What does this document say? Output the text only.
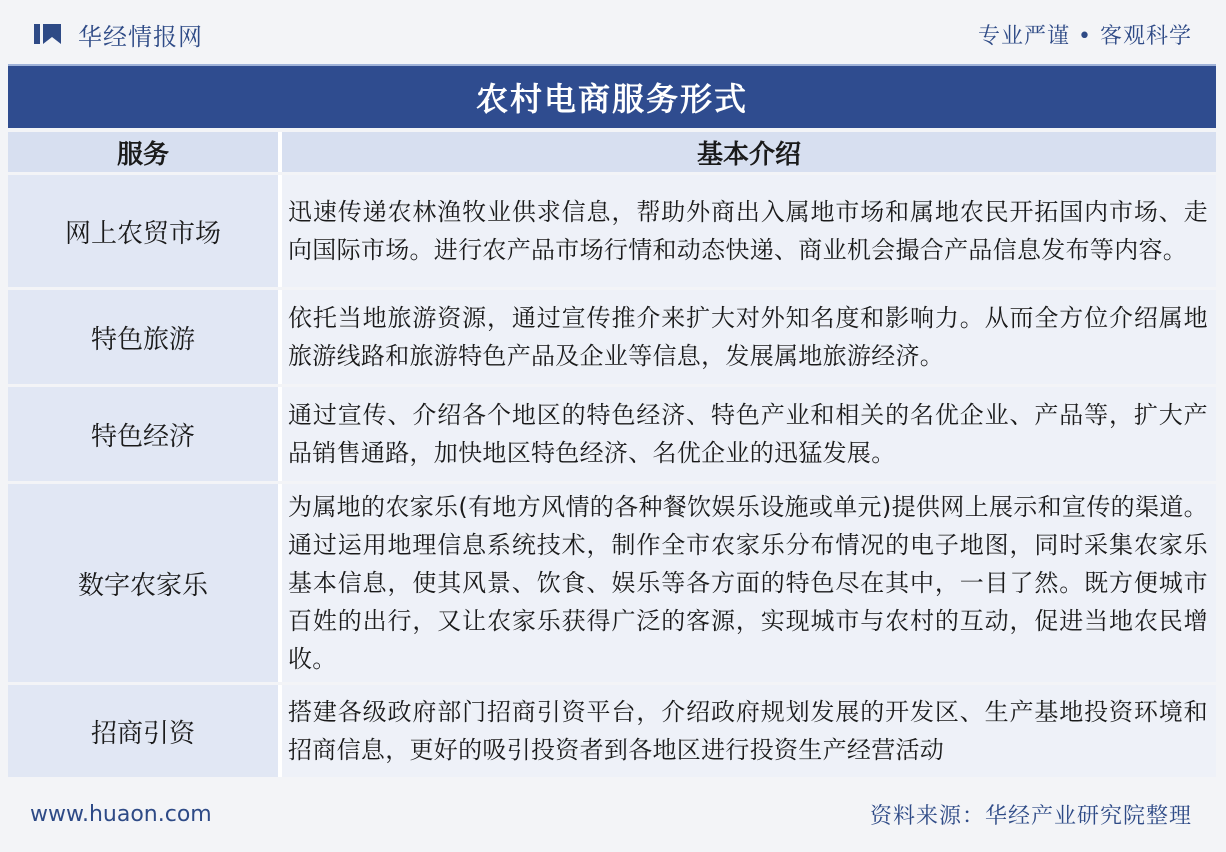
华经情报网	专业严谨 • 客观科学
农村电商服务形式
服务	基本介绍
网上农贸市场	迅速传递农林渔牧业供求信息，帮助外商出入属地市场和属地农民开拓国内市场、走向国际市场。进行农产品市场行情和动态快递、商业机会撮合产品信息发布等内容。
特色旅游	依托当地旅游资源，通过宣传推介来扩大对外知名度和影响力。从而全方位介绍属地旅游线路和旅游特色产品及企业等信息，发展属地旅游经济。
特色经济	通过宣传、介绍各个地区的特色经济、特色产业和相关的名优企业、产品等，扩大产品销售通路，加快地区特色经济、名优企业的迅猛发展。
数字农家乐	为属地的农家乐(有地方风情的各种餐饮娱乐设施或单元)提供网上展示和宣传的渠道。通过运用地理信息系统技术，制作全市农家乐分布情况的电子地图，同时采集农家乐基本信息，使其风景、饮食、娱乐等各方面的特色尽在其中，一目了然。既方便城市百姓的出行，又让农家乐获得广泛的客源，实现城市与农村的互动，促进当地农民增收。
招商引资	搭建各级政府部门招商引资平台，介绍政府规划发展的开发区、生产基地投资环境和招商信息，更好的吸引投资者到各地区进行投资生产经营活动
www.huaon.com	资料来源：华经产业研究院整理
